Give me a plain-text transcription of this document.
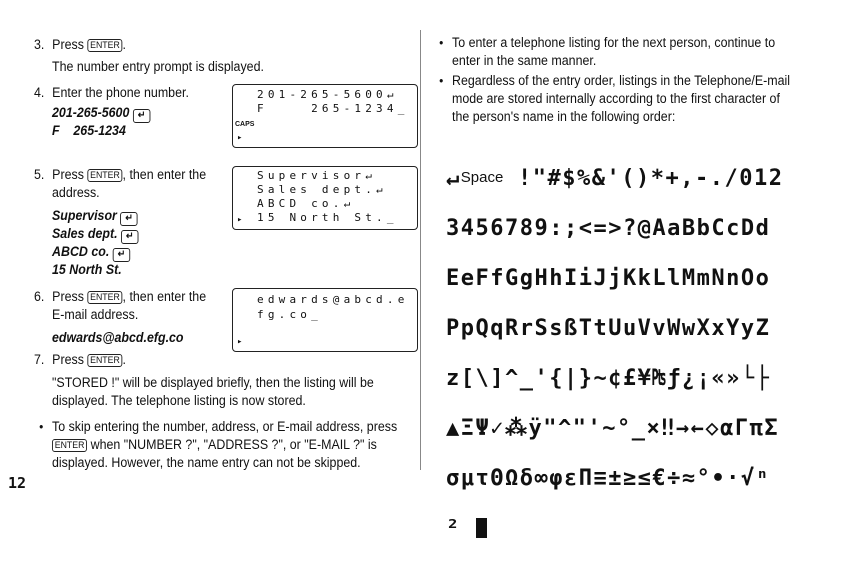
12
3. Press ENTER .
The number entry prompt is displayed.
4. Enter the phone number.
201-265-5600 ↵
F    265-1234
201-265-5600↵
F    265-1234_
CAPS
▸
5. Press ENTER , then enter the
address.
Supervisor ↵
Sales dept. ↵
ABCD co. ↵
15 North St.
Supervisor↵
Sales dept.↵
ABCD co.↵
15 North St._
▸
6. Press ENTER , then enter the
E-mail address.
edwards@abcd.efg.co
edwards@abcd.e
fg.co_
▸
7. Press ENTER .
"STORED !" will be displayed briefly, then the listing will be
displayed. The telephone listing is now stored.
• To skip entering the number, address, or E-mail address, press
ENTER when "NUMBER ?", "ADDRESS ?", or "E-MAIL ?" is
displayed. However, the name entry can not be skipped.
• To enter a telephone listing for the next person, continue to
enter in the same manner.
• Regardless of the entry order, listings in the Telephone/E-mail
mode are stored internally according to the first character of
the person's name in the following order:

↵Space !"#$%&'()*+,-./012

3456789:;<=>?@AaBbCcDd

EeFfGgHhIiJjKkLlMmNnOo

PpQqRrSsßTtUuVvWwXxYyZ

z[\]^_'{|}~¢£¥₧ƒ¿¡«»└├

▲ΞΨ✓⁂ÿ"^"'~°_×‼→←◇αΓπΣ

σμτΘΩδ∞φεΠ≡±≥≤€÷≈°•·√ⁿ

²
